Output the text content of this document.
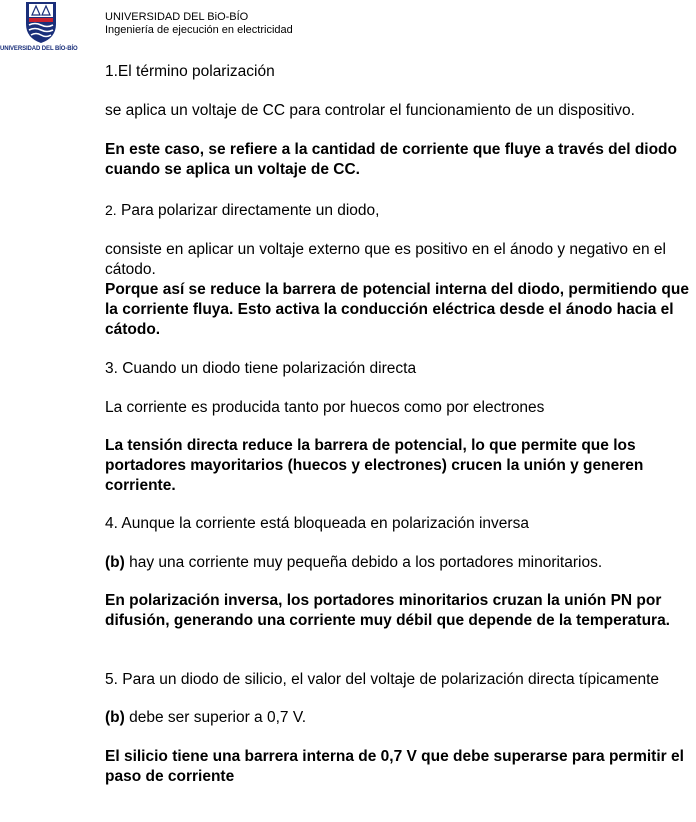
UNIVERSIDAD DEL BÍO-BÍO
UNIVERSIDAD DEL BiO-BÍO
Ingeniería de ejecución en electricidad

1.El término polarización

se aplica un voltaje de CC para controlar el funcionamiento de un dispositivo.

En este caso, se refiere a la cantidad de corriente que fluye a través del diodo cuando se aplica un voltaje de CC.

2. Para polarizar directamente un diodo,

consiste en aplicar un voltaje externo que es positivo en el ánodo y negativo en el cátodo.

Porque así se reduce la barrera de potencial interna del diodo, permitiendo que la corriente fluya. Esto activa la conducción eléctrica desde el ánodo hacia el cátodo.

3. Cuando un diodo tiene polarización directa

La corriente es producida tanto por huecos como por electrones

La tensión directa reduce la barrera de potencial, lo que permite que los portadores mayoritarios (huecos y electrones) crucen la unión y generen corriente.

4. Aunque la corriente está bloqueada en polarización inversa

(b) hay una corriente muy pequeña debido a los portadores minoritarios.

En polarización inversa, los portadores minoritarios cruzan la unión PN por difusión, generando una corriente muy débil que depende de la temperatura.

5. Para un diodo de silicio, el valor del voltaje de polarización directa típicamente

(b) debe ser superior a 0,7 V.

El silicio tiene una barrera interna de 0,7 V que debe superarse para permitir el paso de corriente
